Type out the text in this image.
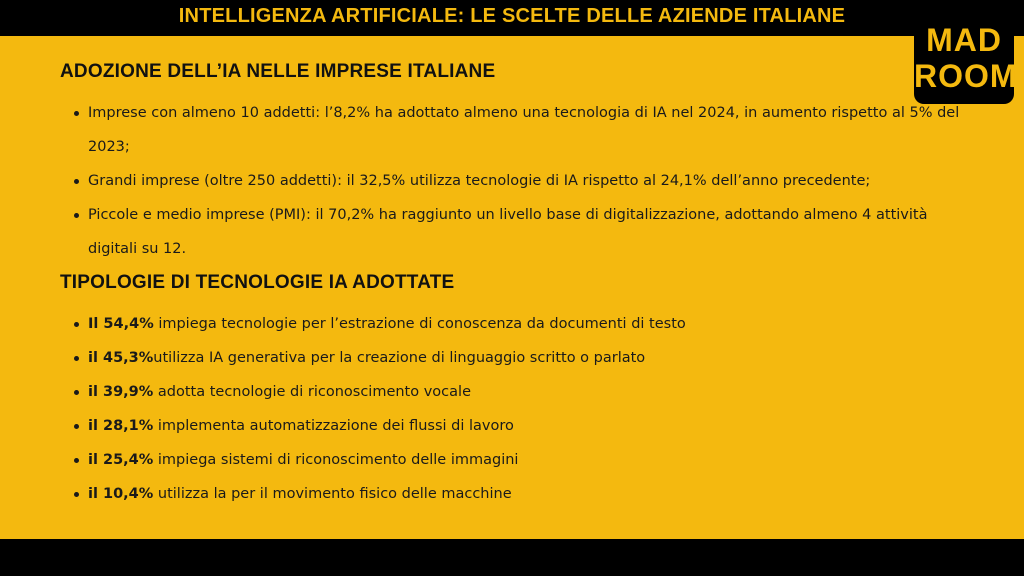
INTELLIGENZA ARTIFICIALE: LE SCELTE DELLE AZIENDE ITALIANE
MAD
ROOM
ADOZIONE DELL’IA NELLE IMPRESE ITALIANE
Imprese con almeno 10 addetti: l’8,2% ha adottato almeno una tecnologia di IA nel 2024, in aumento rispetto al 5% del 2023;
Grandi imprese (oltre 250 addetti): il 32,5% utilizza tecnologie di IA rispetto al 24,1% dell’anno precedente;
Piccole e medio imprese (PMI): il 70,2% ha raggiunto un livello base di digitalizzazione, adottando almeno 4 attività digitali su 12.
TIPOLOGIE DI TECNOLOGIE IA ADOTTATE
Il 54,4% impiega tecnologie per l’estrazione di conoscenza da documenti di testo
il 45,3%utilizza IA generativa per la creazione di linguaggio scritto o parlato
il 39,9% adotta tecnologie di riconoscimento vocale
il 28,1% implementa automatizzazione dei flussi di lavoro
il 25,4% impiega sistemi di riconoscimento delle immagini
il 10,4% utilizza la per il movimento fisico delle macchine
